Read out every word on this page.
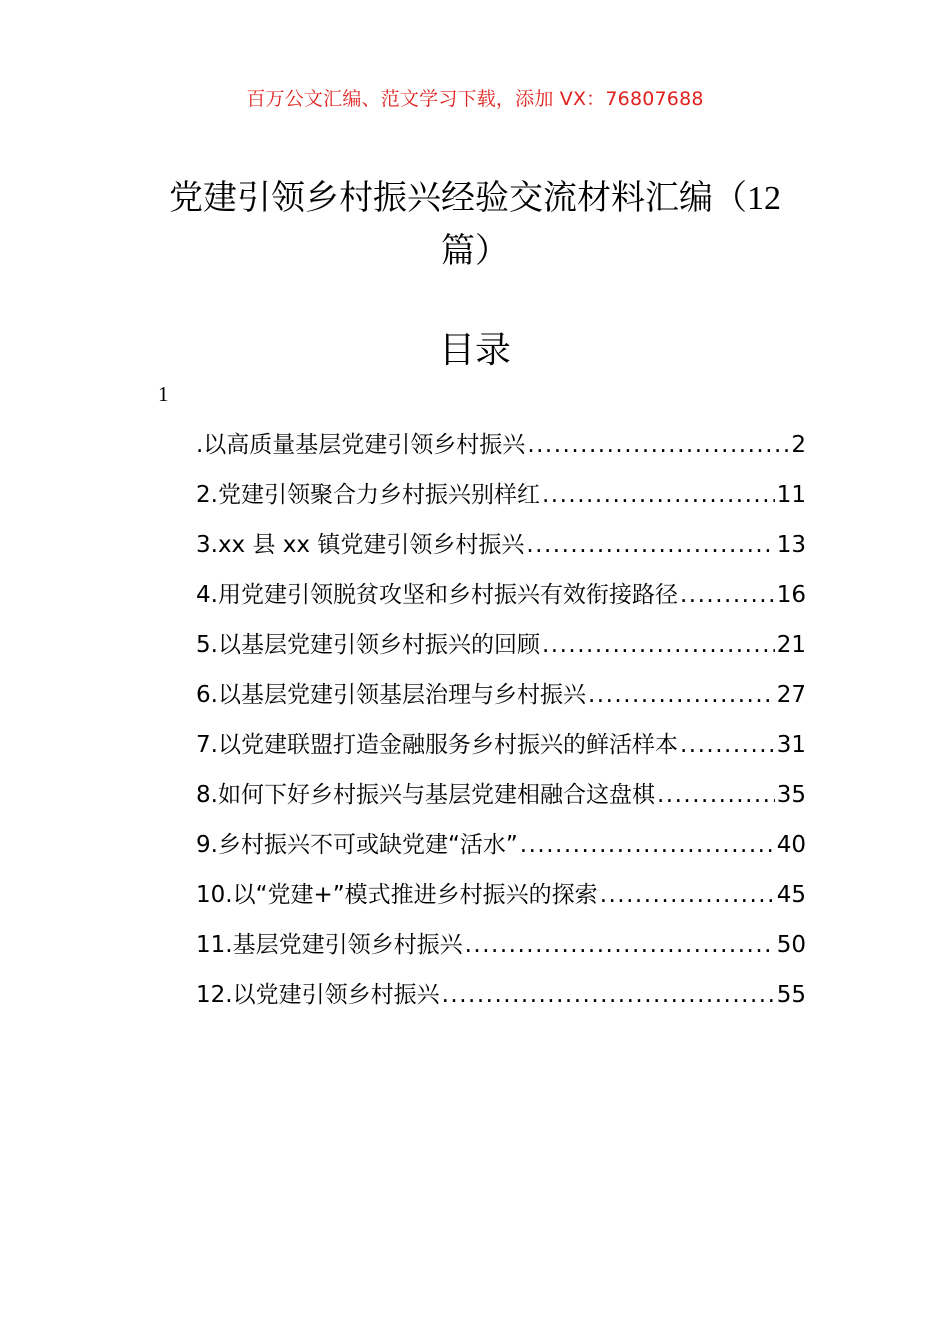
百万公文汇编、范文学习下载，添加 VX：76807688
党建引领乡村振兴经验交流材料汇编（12
篇）
目录
1
.以高质量基层党建引领乡村振兴 .....	2
2.党建引领聚合力乡村振兴别样红 .....	11
3.xx 县 xx 镇党建引领乡村振兴 .....	13
4.用党建引领脱贫攻坚和乡村振兴有效衔接路径 .....	16
5.以基层党建引领乡村振兴的回顾 .....	21
6.以基层党建引领基层治理与乡村振兴 .....	27
7.以党建联盟打造金融服务乡村振兴的鲜活样本 .....	31
8.如何下好乡村振兴与基层党建相融合这盘棋 .....	35
9.乡村振兴不可或缺党建“活水” .....	40
10.以“党建+”模式推进乡村振兴的探索 .....	45
11.基层党建引领乡村振兴 .....	50
12.以党建引领乡村振兴 .....	55
